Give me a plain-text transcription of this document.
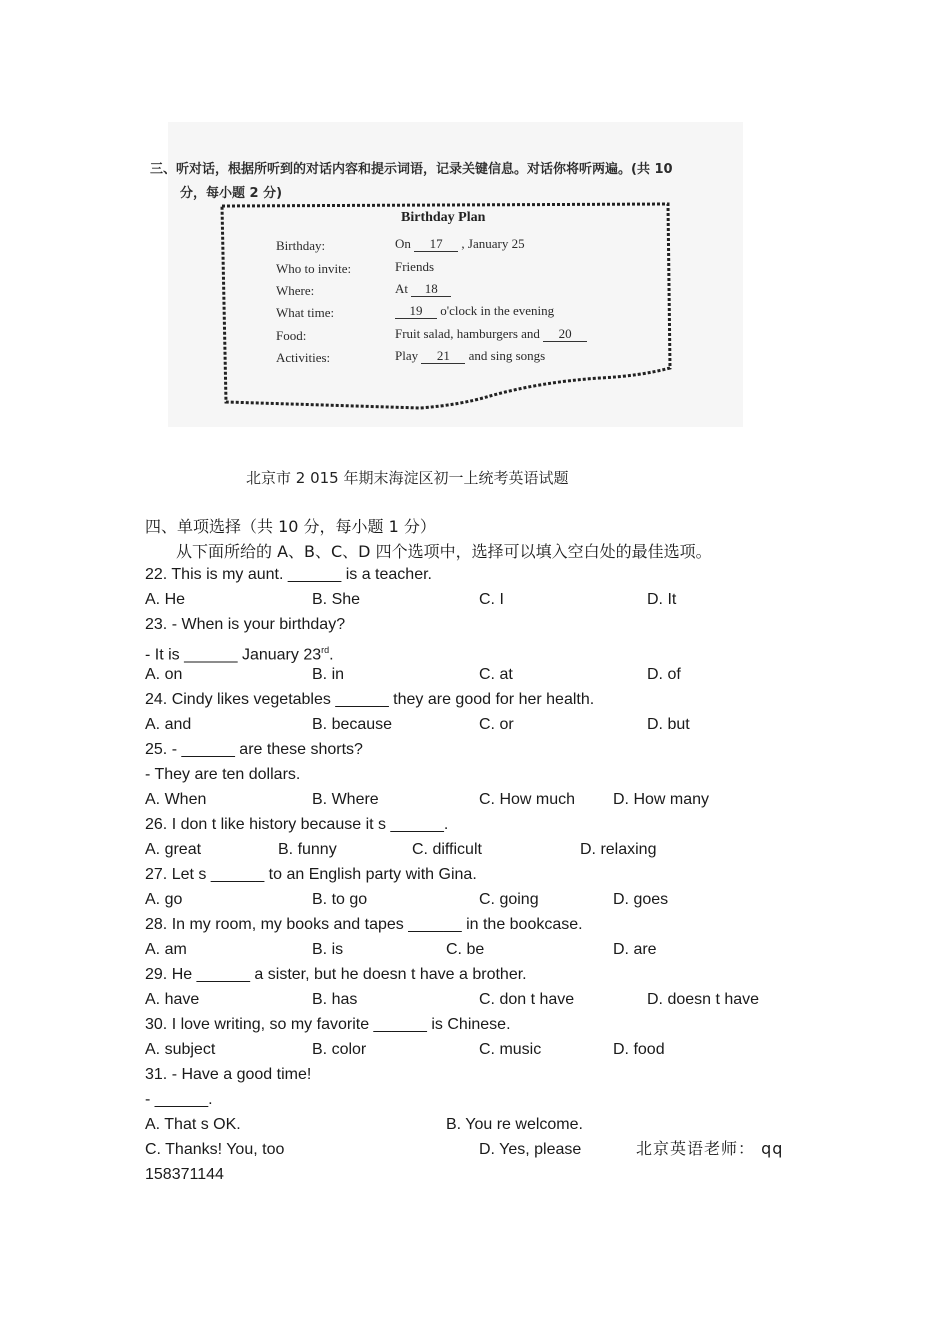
三、听对话，根据所听到的对话内容和提示词语，记录关键信息。对话你将听两遍。(共 10
分，每小题 2 分)
Birthday Plan
Birthday:	On 17 , January 25
Who to invite:	Friends
Where:	At 18
What time:	19 o'clock in the evening
Food:	Fruit salad, hamburgers and 20
Activities:	Play 21 and sing songs
北京市 2 015 年期末海淀区初一上统考英语试题
四、单项选择（共 10 分，每小题 1 分）
从下面所给的 A、B、C、D 四个选项中，选择可以填入空白处的最佳选项。
22. This is my aunt. ______ is a teacher.
A. He	B. She	C. I	D. It
23. - When is your birthday?
- It is ______ January 23rd.
A. on	B. in	C. at	D. of
24. Cindy likes vegetables ______ they are good for her health.
A. and	B. because	C. or	D. but
25. - ______ are these shorts?
- They are ten dollars.
A. When	B. Where	C. How much D. How many
26. I don t like history because it s ______.
A. great	B. funny	C. difficult	D. relaxing
27. Let s ______ to an English party with Gina.
A. go	B. to go	C. going	D. goes
28. In my room, my books and tapes ______ in the bookcase.
A. am	B. is	C. be	D. are
29. He ______ a sister, but he doesn t have a brother.
A. have	B. has	C. don t have	D. doesn t have
30. I love writing, so my favorite ______ is Chinese.
A. subject	B. color	C. music	D. food
31. - Have a good time!
- ______.
A. That s OK.	B. You re welcome.
C. Thanks! You, too	D. Yes, please	北京英语老师： qq
158371144
